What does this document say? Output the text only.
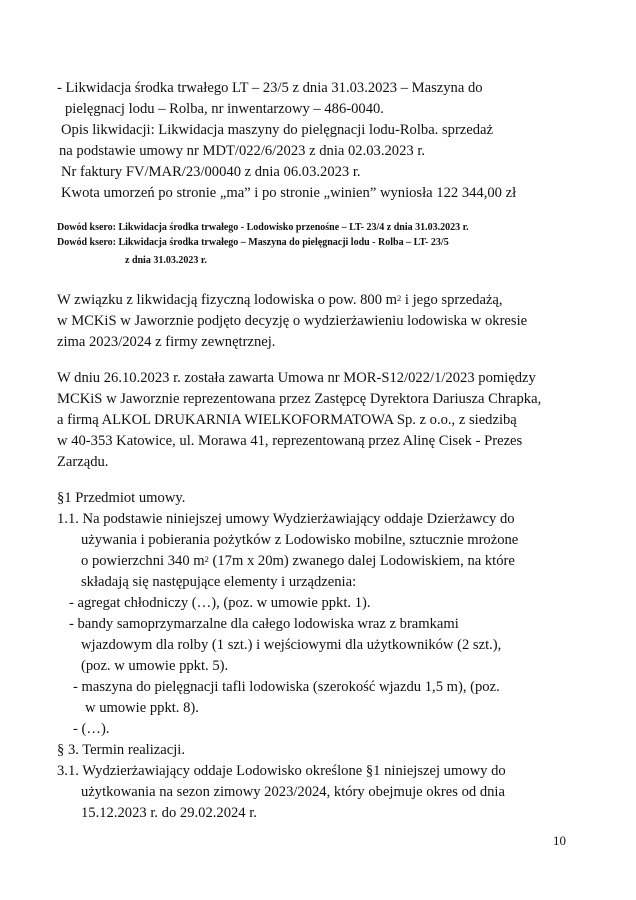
- Likwidacja środka trwałego LT – 23/5 z dnia 31.03.2023 – Maszyna do
pielęgnacj lodu – Rolba, nr inwentarzowy – 486-0040.
Opis likwidacji: Likwidacja maszyny do pielęgnacji lodu-Rolba. sprzedaż
na podstawie umowy nr MDT/022/6/2023 z dnia 02.03.2023 r.
Nr faktury FV/MAR/23/00040 z dnia 06.03.2023 r.
Kwota umorzeń po stronie „ma” i po stronie „winien” wyniosła 122 344,00 zł
Dowód ksero: Likwidacja środka trwałego - Lodowisko przenośne – LT- 23/4 z dnia 31.03.2023 r.
Dowód ksero: Likwidacja środka trwałego – Maszyna do pielęgnacji lodu - Rolba – LT- 23/5
z dnia 31.03.2023 r.
W związku z likwidacją fizyczną lodowiska o pow. 800 $m^2$ i jego sprzedażą,
w MCKiS w Jaworznie podjęto decyzję o wydzierżawieniu lodowiska w okresie
zima 2023/2024 z firmy zewnętrznej.
W dniu 26.10.2023 r. została zawarta Umowa nr MOR-S12/022/1/2023 pomiędzy
MCKiS w Jaworznie reprezentowana przez Zastępcę Dyrektora Dariusza Chrapka,
a firmą ALKOL DRUKARNIA WIELKOFORMATOWA Sp. z o.o., z siedzibą
w 40-353 Katowice, ul. Morawa 41, reprezentowaną przez Alinę Cisek - Prezes
Zarządu.
§1 Przedmiot umowy.
1.1. Na podstawie niniejszej umowy Wydzierżawiający oddaje Dzierżawcy do
używania i pobierania pożytków z Lodowisko mobilne, sztucznie mrożone
o powierzchni 340 $m^2$ (17m x 20m) zwanego dalej Lodowiskiem, na które
składają się następujące elementy i urządzenia:
- agregat chłodniczy (…), (poz. w umowie ppkt. 1).
- bandy samoprzymarzalne dla całego lodowiska wraz z bramkami
wjazdowym dla rolby (1 szt.) i wejściowymi dla użytkowników (2 szt.),
(poz. w umowie ppkt. 5).
- maszyna do pielęgnacji tafli lodowiska (szerokość wjazdu 1,5 m), (poz.
w umowie ppkt. 8).
- (…).
§ 3. Termin realizacji.
3.1. Wydzierżawiający oddaje Lodowisko określone §1 niniejszej umowy do
użytkowania na sezon zimowy 2023/2024, który obejmuje okres od dnia
15.12.2023 r. do 29.02.2024 r.
10
